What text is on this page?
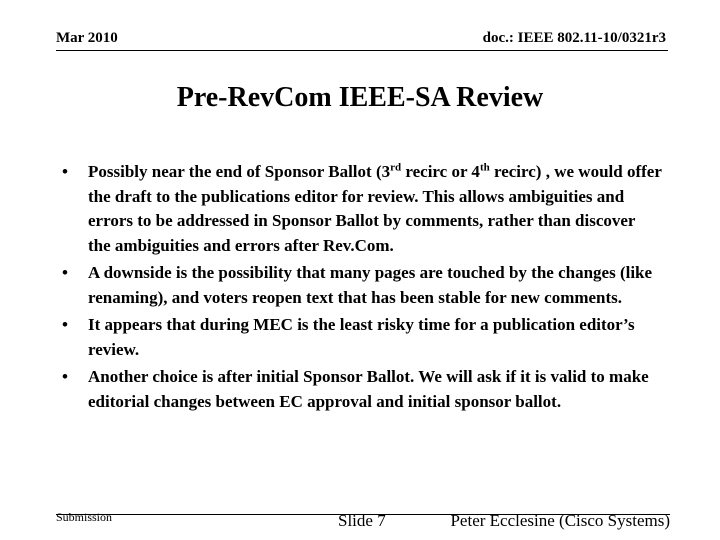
Mar 2010	doc.: IEEE 802.11-10/0321r3
Pre-RevCom IEEE-SA Review
• Possibly near the end of Sponsor Ballot (3rd recirc or 4th recirc) , we would offer the draft to the publications editor for review. This allows ambiguities and errors to be addressed in Sponsor Ballot by comments, rather than discover the ambiguities and errors after Rev.Com.
• A downside is the possibility that many pages are touched by the changes (like renaming), and voters reopen text that has been stable for new comments.
• It appears that during MEC is the least risky time for a publication editor’s review.
• Another choice is after initial Sponsor Ballot. We will ask if it is valid to make editorial changes between EC approval and initial sponsor ballot.
Submission	Slide 7	Peter Ecclesine (Cisco Systems)
